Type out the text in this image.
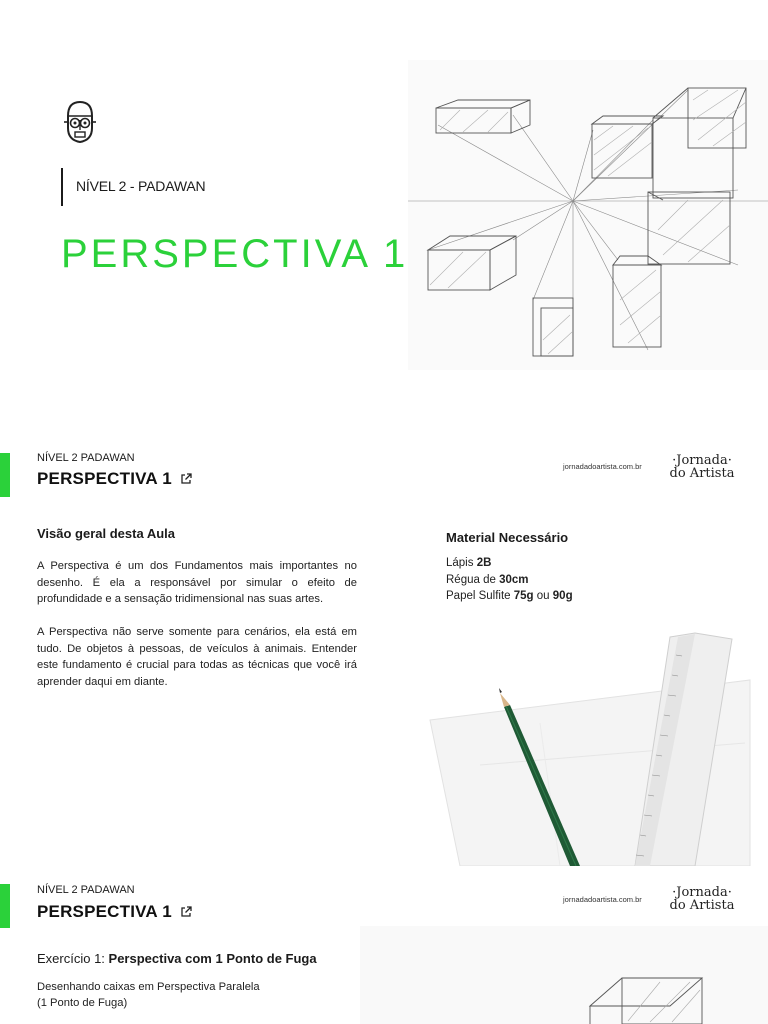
NÍVEL 2 - PADAWAN
PERSPECTIVA 1
NÍVEL 2 PADAWAN
PERSPECTIVA 1
jornadadoartista.com.br	·Jornada·
do Artista
Visão geral desta Aula

A Perspectiva é um dos Fundamentos mais importantes no desenho. É ela a responsável por simular o efeito de profundidade e a sensação tridimensional nas suas artes.

A Perspectiva não serve somente para cenários, ela está em tudo. De objetos à pessoas, de veículos à animais. Entender este fundamento é crucial para todas as técnicas que você irá aprender daqui em diante.

Material Necessário
Lápis 2B
Régua de 30cm
Papel Sulfite 75g ou 90g
NÍVEL 2 PADAWAN
PERSPECTIVA 1
jornadadoartista.com.br	·Jornada·
do Artista
Exercício 1: Perspectiva com 1 Ponto de Fuga
Desenhando caixas em Perspectiva Paralela
(1 Ponto de Fuga)
